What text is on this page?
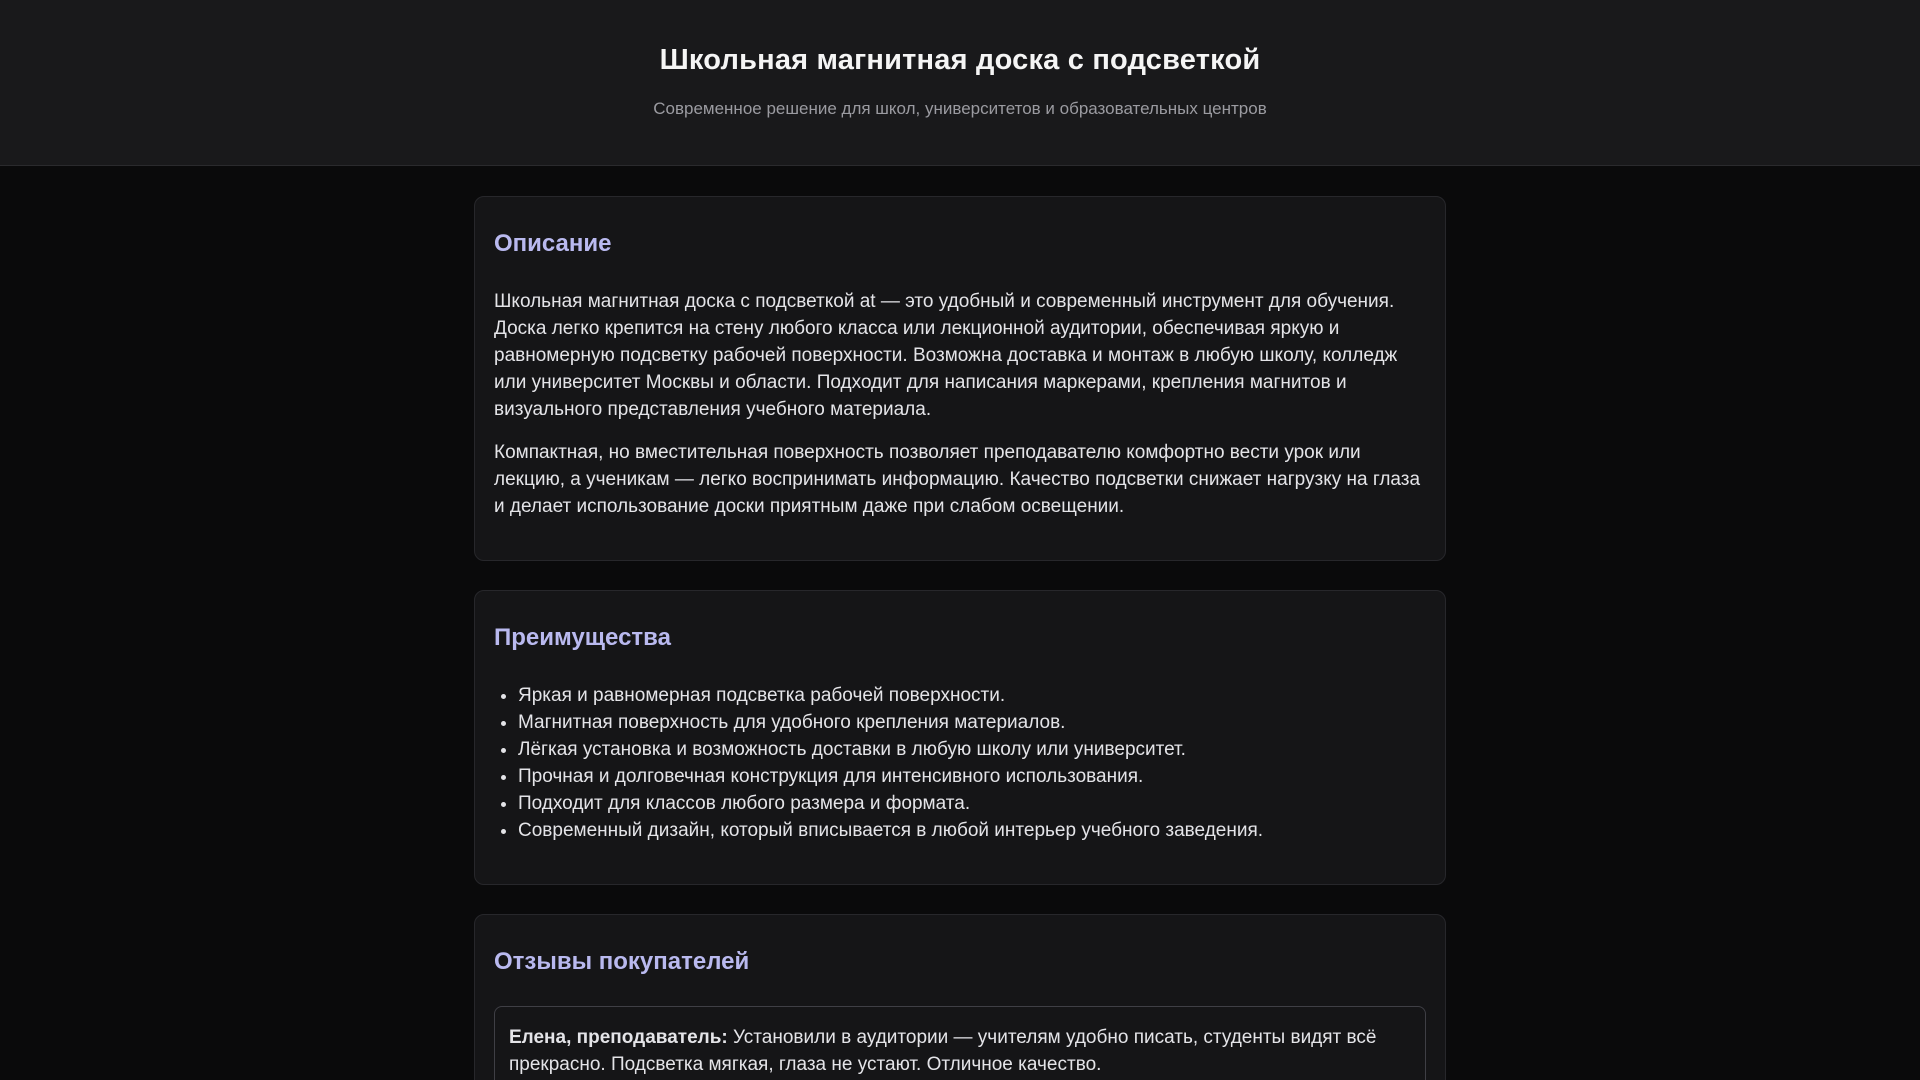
Школьная магнитная доска с подсветкой
Современное решение для школ, университетов и образовательных центров
Описание

Школьная магнитная доска с подсветкой at — это удобный и современный инструмент для обучения. Доска легко крепится на стену любого класса или лекционной аудитории, обеспечивая яркую и равномерную подсветку рабочей поверхности. Возможна доставка и монтаж в любую школу, колледж или университет Москвы и области. Подходит для написания маркерами, крепления магнитов и визуального представления учебного материала.

Компактная, но вместительная поверхность позволяет преподавателю комфортно вести урок или лекцию, а ученикам — легко воспринимать информацию. Качество подсветки снижает нагрузку на глаза и делает использование доски приятным даже при слабом освещении.

Преимущества
• Яркая и равномерная подсветка рабочей поверхности.
• Магнитная поверхность для удобного крепления материалов.
• Лёгкая установка и возможность доставки в любую школу или университет.
• Прочная и долговечная конструкция для интенсивного использования.
• Подходит для классов любого размера и формата.
• Современный дизайн, который вписывается в любой интерьер учебного заведения.
Отзывы покупателей
Елена, преподаватель: Установили в аудитории — учителям удобно писать, студенты видят всё прекрасно. Подсветка мягкая, глаза не устают. Отличное качество.
